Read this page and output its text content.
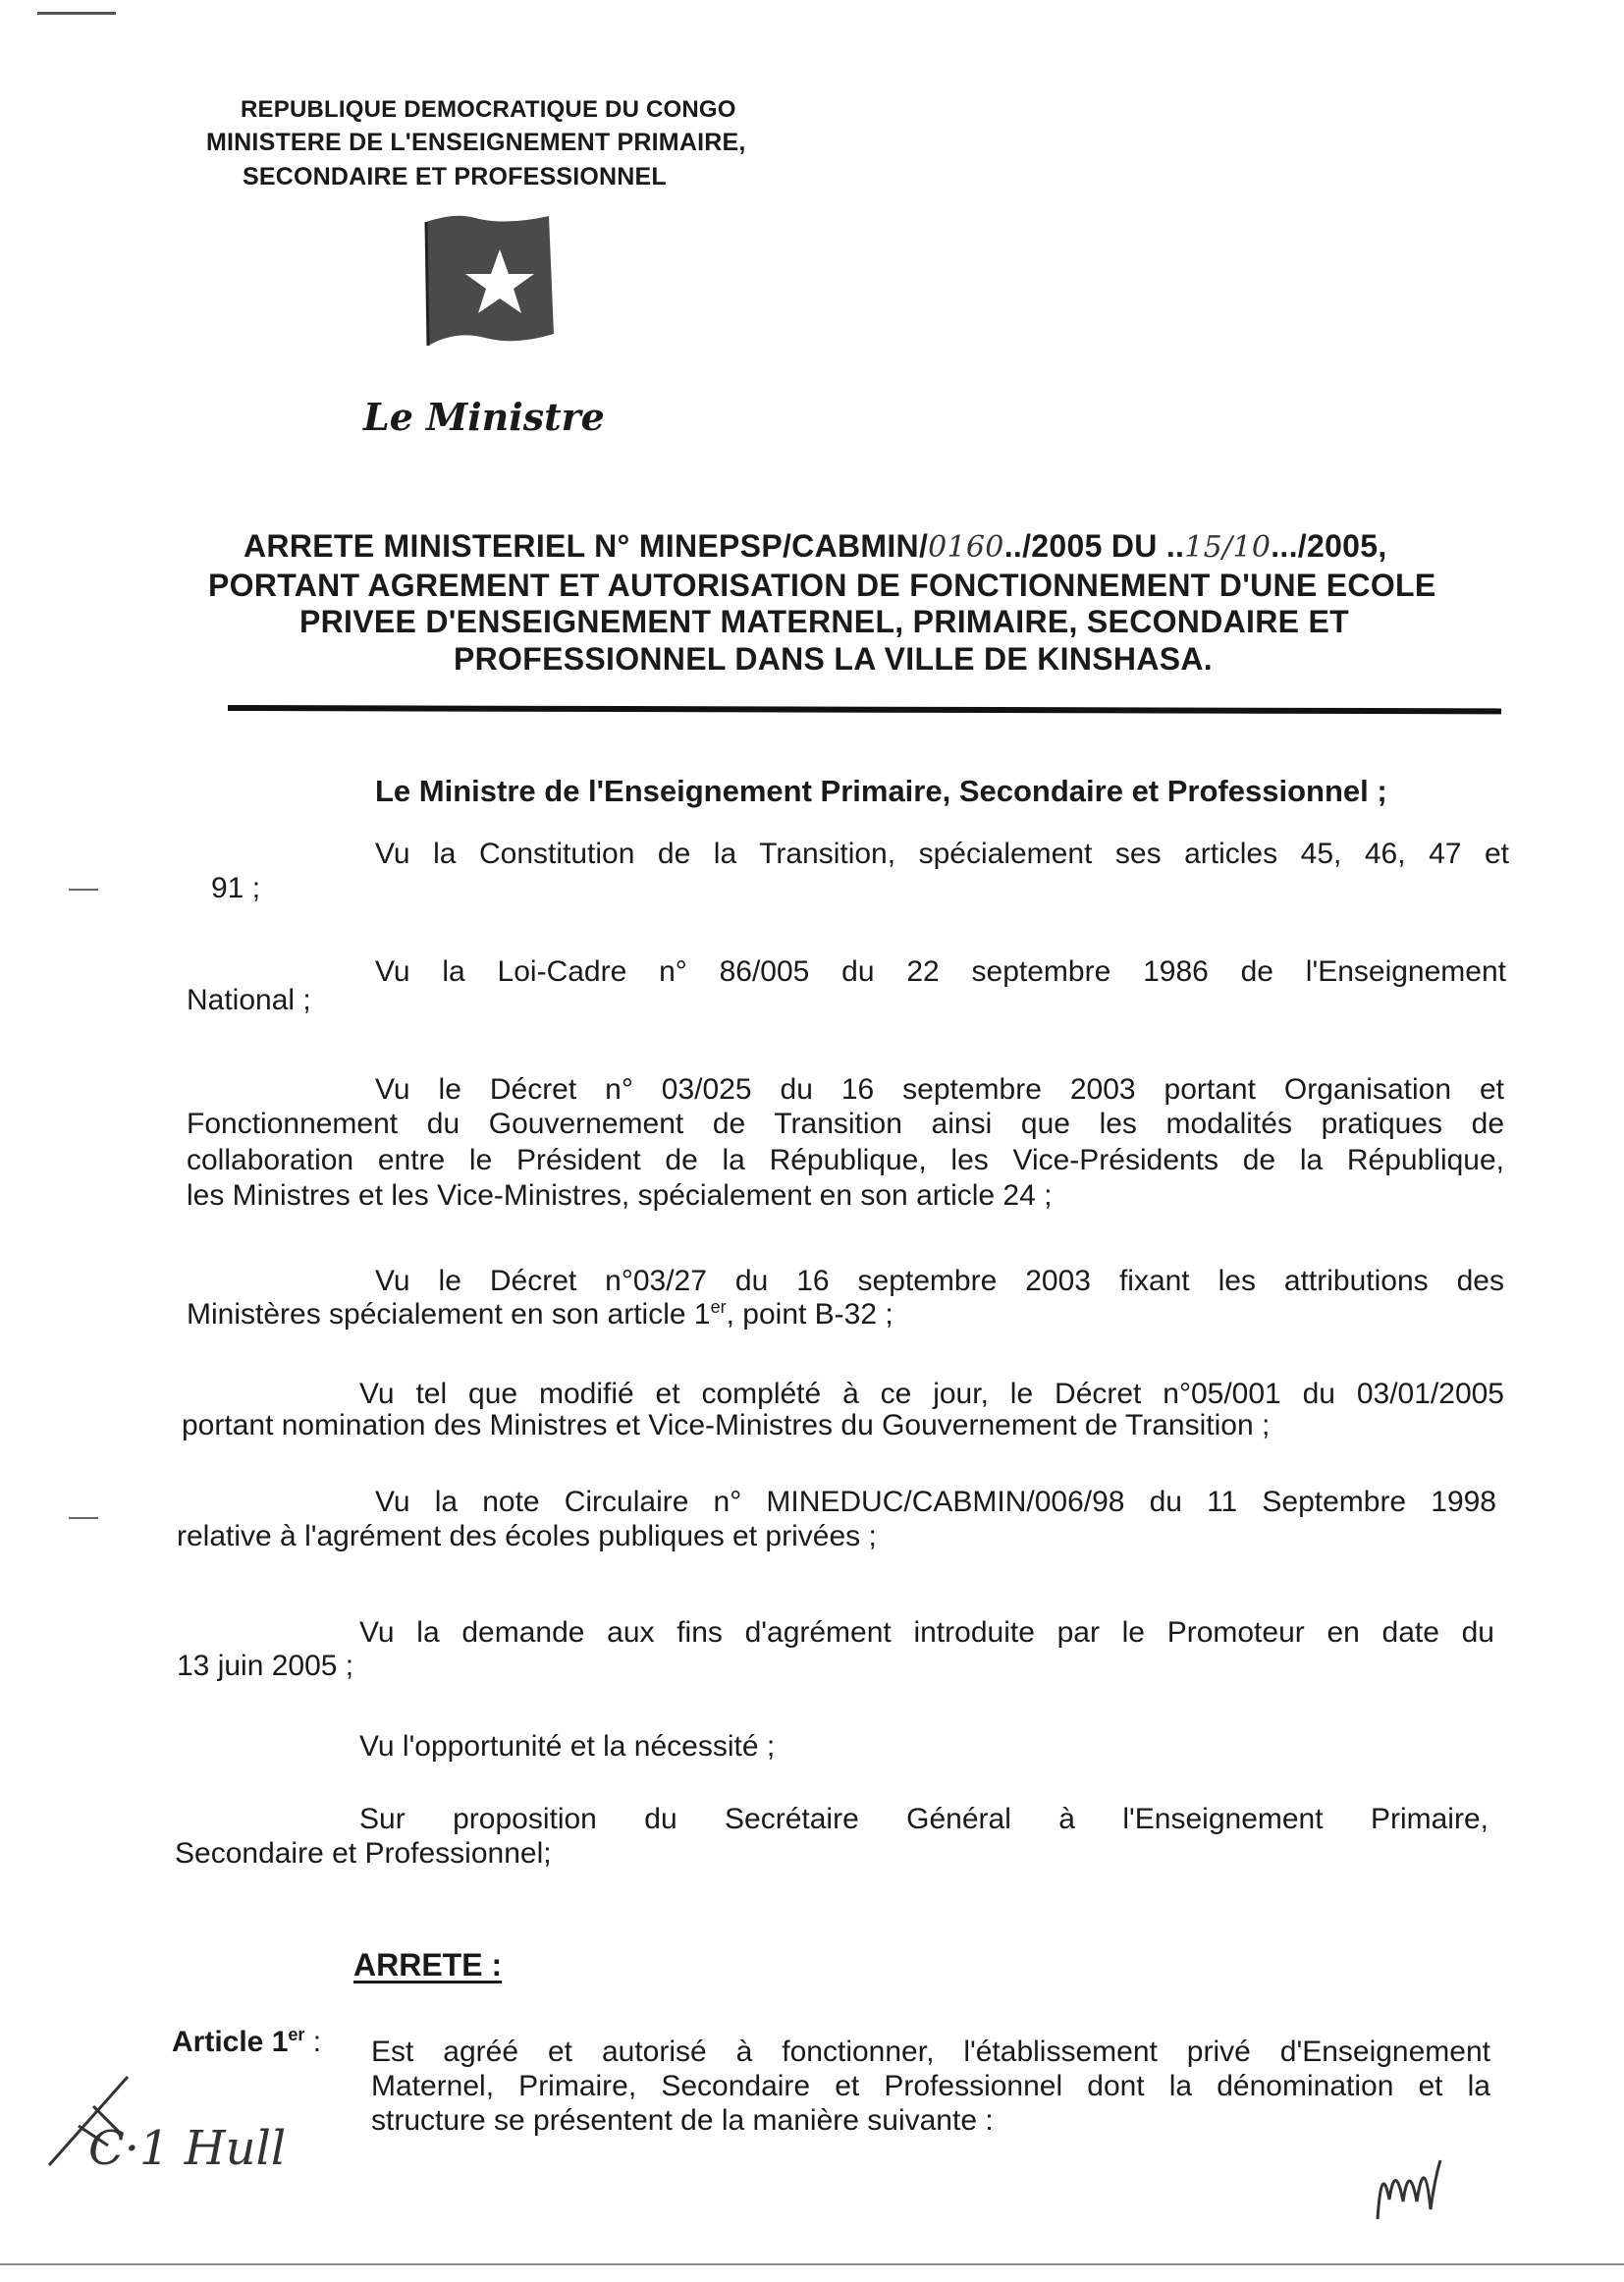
REPUBLIQUE DEMOCRATIQUE DU CONGO
MINISTERE DE L'ENSEIGNEMENT PRIMAIRE,
SECONDAIRE ET PROFESSIONNEL
Le Ministre
ARRETE MINISTERIEL N° MINEPSP/CABMIN/0160../2005 DU ..15/10.../2005,
PORTANT AGREMENT ET AUTORISATION DE FONCTIONNEMENT D'UNE ECOLE
PRIVEE D'ENSEIGNEMENT MATERNEL, PRIMAIRE, SECONDAIRE ET
PROFESSIONNEL DANS LA VILLE DE KINSHASA.
Le Ministre de l'Enseignement Primaire, Secondaire et Professionnel ;
Vu la Constitution de la Transition, spécialement ses articles 45, 46, 47 et
91 ;
Vu la Loi-Cadre n° 86/005 du 22 septembre 1986 de l'Enseignement
National ;
Vu le Décret n° 03/025 du 16 septembre 2003 portant Organisation et
Fonctionnement du Gouvernement de Transition ainsi que les modalités pratiques de
collaboration entre le Président de la République, les Vice-Présidents de la République,
les Ministres et les Vice-Ministres, spécialement en son article 24 ;
Vu le Décret n°03/27 du 16 septembre 2003 fixant les attributions des
Ministères spécialement en son article 1er, point B-32 ;
Vu tel que modifié et complété à ce jour, le Décret n°05/001 du 03/01/2005
portant nomination des Ministres et Vice-Ministres du Gouvernement de Transition ;
Vu la note Circulaire n° MINEDUC/CABMIN/006/98 du 11 Septembre 1998
relative à l'agrément des écoles publiques et privées ;
Vu la demande aux fins d'agrément introduite par le Promoteur en date du
13 juin 2005 ;
Vu l'opportunité et la nécessité ;
Sur proposition du Secrétaire Général à l'Enseignement Primaire,
Secondaire et Professionnel;
ARRETE :
Article 1er : Est agréé et autorisé à fonctionner, l'établissement privé d'Enseignement
Maternel, Primaire, Secondaire et Professionnel dont la dénomination et la
structure se présentent de la manière suivante :
C·1 Hull
